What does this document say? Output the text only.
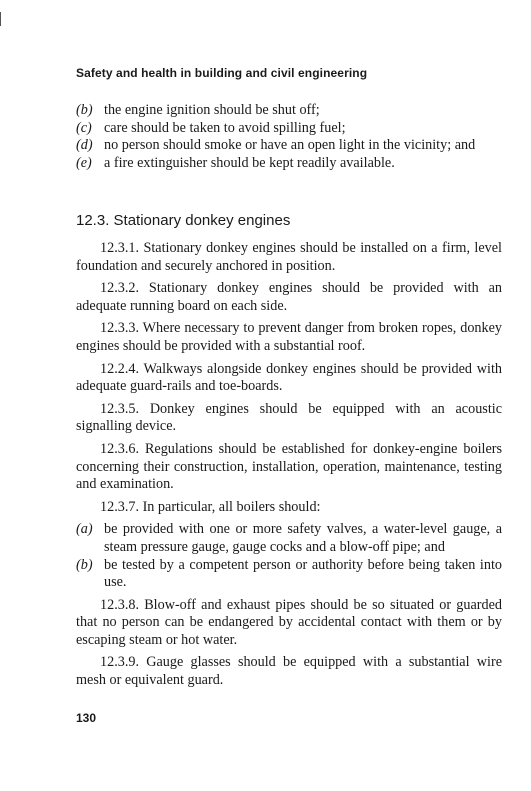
Safety and health in building and civil engineering
(b) the engine ignition should be shut off;
(c) care should be taken to avoid spilling fuel;
(d) no person should smoke or have an open light in the vicinity; and
(e) a fire extinguisher should be kept readily available.
12.3. Stationary donkey engines

12.3.1. Stationary donkey engines should be installed on a firm, level foundation and securely anchored in position.

12.3.2. Stationary donkey engines should be provided with an adequate running board on each side.

12.3.3. Where necessary to prevent danger from broken ropes, donkey engines should be provided with a substantial roof.

12.2.4. Walkways alongside donkey engines should be provided with adequate guard-rails and toe-boards.

12.3.5. Donkey engines should be equipped with an acoustic signalling device.

12.3.6. Regulations should be established for donkey-engine boilers concerning their construction, installation, operation, maintenance, testing and examination.

12.3.7. In particular, all boilers should:

(a) be provided with one or more safety valves, a water-level gauge, a steam pressure gauge, gauge cocks and a blow-off pipe; and

(b) be tested by a competent person or authority before being taken into use.

12.3.8. Blow-off and exhaust pipes should be so situated or guarded that no person can be endangered by accidental contact with them or by escaping steam or hot water.

12.3.9. Gauge glasses should be equipped with a substantial wire mesh or equivalent guard.

130
